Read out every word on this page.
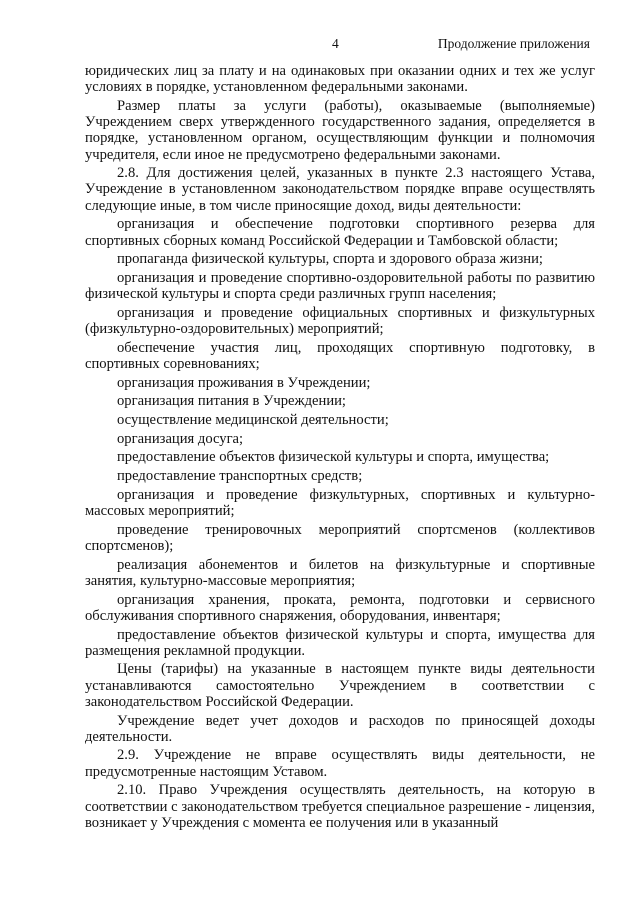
4	Продолжение приложения

юридических лиц за плату и на одинаковых при оказании одних и тех же услуг условиях в порядке, установленном федеральными законами.

Размер платы за услуги (работы), оказываемые (выполняемые) Учреждением сверх утвержденного государственного задания, определяется в порядке, установленном органом, осуществляющим функции и полномочия учредителя, если иное не предусмотрено федеральными законами.

2.8. Для достижения целей, указанных в пункте 2.3 настоящего Устава, Учреждение в установленном законодательством порядке вправе осуществлять следующие иные, в том числе приносящие доход, виды деятельности:

организация и обеспечение подготовки спортивного резерва для спортивных сборных команд Российской Федерации и Тамбовской области;

пропаганда физической культуры, спорта и здорового образа жизни;

организация и проведение спортивно-оздоровительной работы по развитию физической культуры и спорта среди различных групп населения;

организация и проведение официальных спортивных и физкультурных (физкультурно-оздоровительных) мероприятий;

обеспечение участия лиц, проходящих спортивную подготовку, в спортивных соревнованиях;

организация проживания в Учреждении;

организация питания в Учреждении;

осуществление медицинской деятельности;

организация досуга;

предоставление объектов физической культуры и спорта, имущества;

предоставление транспортных средств;

организация и проведение физкультурных, спортивных и культурно-массовых мероприятий;

проведение тренировочных мероприятий спортсменов (коллективов спортсменов);

реализация абонементов и билетов на физкультурные и спортивные занятия, культурно-массовые мероприятия;

организация хранения, проката, ремонта, подготовки и сервисного обслуживания спортивного снаряжения, оборудования, инвентаря;

предоставление объектов физической культуры и спорта, имущества для размещения рекламной продукции.

Цены (тарифы) на указанные в настоящем пункте виды деятельности устанавливаются самостоятельно Учреждением в соответствии с законодательством Российской Федерации.

Учреждение ведет учет доходов и расходов по приносящей доходы деятельности.

2.9. Учреждение не вправе осуществлять виды деятельности, не предусмотренные настоящим Уставом.

2.10. Право Учреждения осуществлять деятельность, на которую в соответствии с законодательством требуется специальное разрешение - лицензия, возникает у Учреждения с момента ее получения или в указанный
